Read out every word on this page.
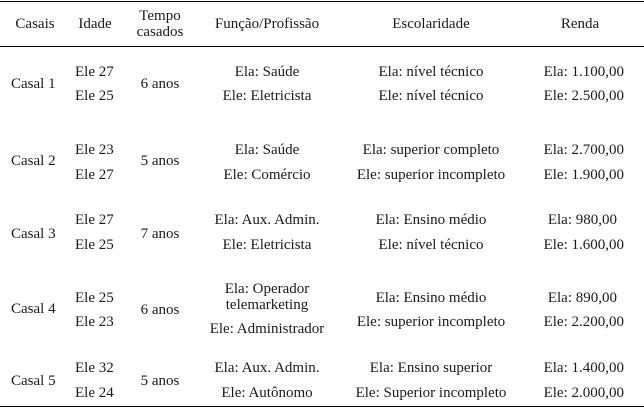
Casais Idade Tempo
casados Função/Profissão	Escolaridade	Renda
Casal 1
Ele 27
Ele 25
6 anos
Ela: Saúde
Ele: Eletricista
Ela: nível técnico
Ele: nível técnico
Ela: 1.100,00
Ele: 2.500,00
Casal 2
Ele 23
Ele 27
5 anos
Ela: Saúde
Ele: Comércio
Ela: superior completo
Ele: superior incompleto
Ela: 2.700,00
Ele: 1.900,00
Casal 3
Ele 27
Ele 25
7 anos
Ela: Aux. Admin.
Ele: Eletricista
Ela: Ensino médio
Ele: nível técnico
Ela: 980,00
Ele: 1.600,00
Casal 4
Ele 25
Ele 23
6 anos
Ela: Operador
telemarketing
Ele: Administrador
Ela: Ensino médio
Ele: superior incompleto
Ela: 890,00
Ele: 2.200,00
Casal 5
Ele 32
Ele 24
5 anos
Ela: Aux. Admin.
Ele: Autônomo
Ela: Ensino superior
Ele: Superior incompleto
Ela: 1.400,00
Ele: 2.000,00
